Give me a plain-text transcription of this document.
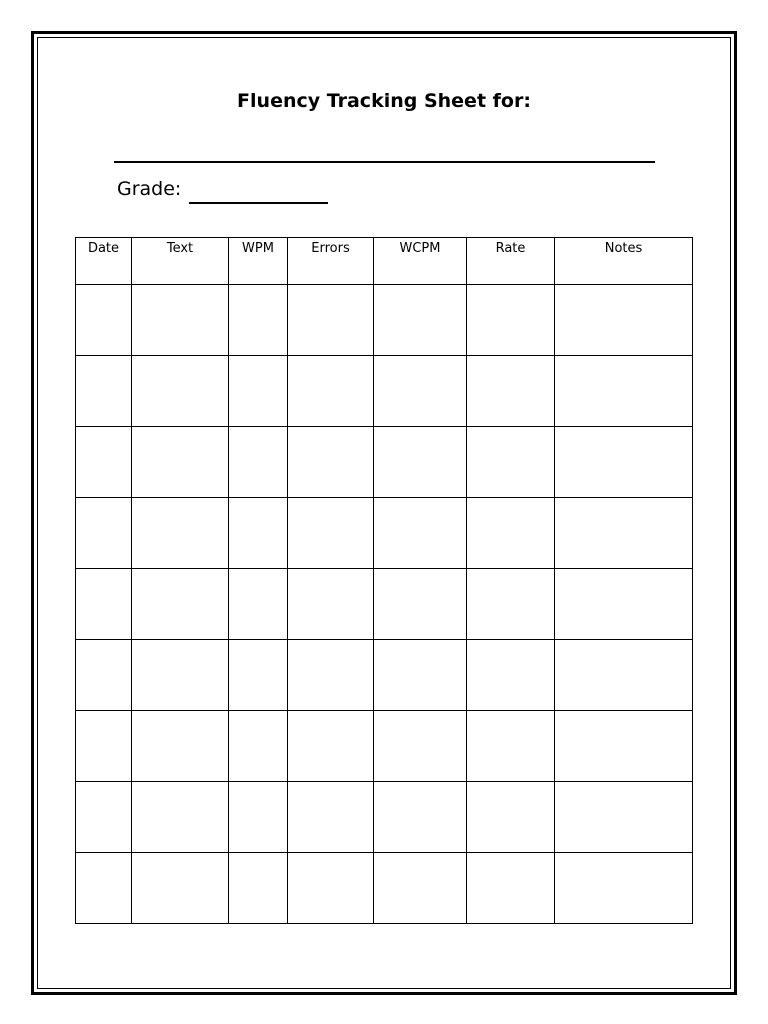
Fluency Tracking Sheet for:
Grade:
Date	Text	WPM	Errors	WCPM	Rate	Notes
